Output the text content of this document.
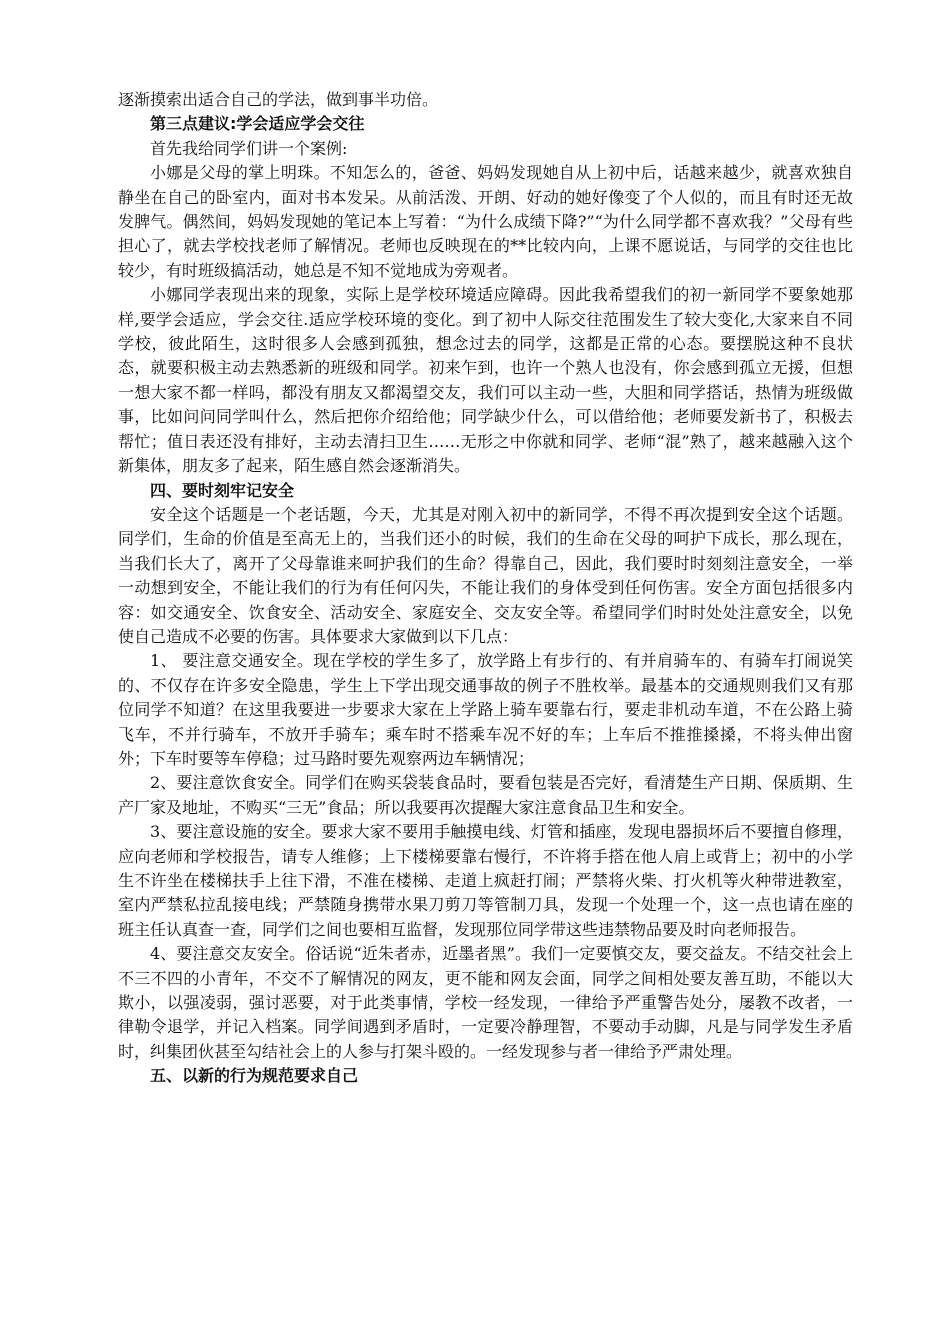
逐渐摸索出适合自己的学法，做到事半功倍。

第三点建议:学会适应学会交往

首先我给同学们讲一个案例:

小娜是父母的掌上明珠。不知怎么的，爸爸、妈妈发现她自从上初中后，话越来越少，就喜欢独自静坐在自己的卧室内，面对书本发呆。从前活泼、开朗、好动的她好像变了个人似的，而且有时还无故发脾气。偶然间，妈妈发现她的笔记本上写着：“为什么成绩下降?”“为什么同学都不喜欢我？”父母有些担心了，就去学校找老师了解情况。老师也反映现在的**比较内向，上课不愿说话，与同学的交往也比较少，有时班级搞活动，她总是不知不觉地成为旁观者。

小娜同学表现出来的现象，实际上是学校环境适应障碍。因此我希望我们的初一新同学不要象她那样,要学会适应，学会交往.适应学校环境的变化。到了初中人际交往范围发生了较大变化,大家来自不同学校，彼此陌生，这时很多人会感到孤独，想念过去的同学，这都是正常的心态。要摆脱这种不良状态，就要积极主动去熟悉新的班级和同学。初来乍到，也许一个熟人也没有，你会感到孤立无援，但想一想大家不都一样吗，都没有朋友又都渴望交友，我们可以主动一些，大胆和同学搭话，热情为班级做事，比如问问同学叫什么，然后把你介绍给他；同学缺少什么，可以借给他；老师要发新书了，积极去帮忙；值日表还没有排好，主动去清扫卫生……无形之中你就和同学、老师“混”熟了，越来越融入这个新集体，朋友多了起来，陌生感自然会逐渐消失。

四、要时刻牢记安全

安全这个话题是一个老话题，今天，尤其是对刚入初中的新同学，不得不再次提到安全这个话题。同学们，生命的价值是至高无上的，当我们还小的时候，我们的生命在父母的呵护下成长，那么现在，当我们长大了，离开了父母靠谁来呵护我们的生命？得靠自己，因此，我们要时时刻刻注意安全，一举一动想到安全，不能让我们的行为有任何闪失，不能让我们的身体受到任何伤害。安全方面包括很多内容：如交通安全、饮食安全、活动安全、家庭安全、交友安全等。希望同学们时时处处注意安全，以免使自己造成不必要的伤害。具体要求大家做到以下几点：

1、 要注意交通安全。现在学校的学生多了，放学路上有步行的、有并肩骑车的、有骑车打闹说笑的、不仅存在许多安全隐患，学生上下学出现交通事故的例子不胜枚举。最基本的交通规则我们又有那位同学不知道？在这里我要进一步要求大家在上学路上骑车要靠右行，要走非机动车道，不在公路上骑飞车，不并行骑车，不放开手骑车；乘车时不搭乘车况不好的车；上车后不推推搡搡，不将头伸出窗外；下车时要等车停稳；过马路时要先观察两边车辆情况；

2、要注意饮食安全。同学们在购买袋装食品时，要看包装是否完好，看清楚生产日期、保质期、生产厂家及地址，不购买“三无”食品；所以我要再次提醒大家注意食品卫生和安全。

3、要注意设施的安全。要求大家不要用手触摸电线、灯管和插座，发现电器损坏后不要擅自修理，应向老师和学校报告，请专人维修；上下楼梯要靠右慢行，不许将手搭在他人肩上或背上；初中的小学生不许坐在楼梯扶手上往下滑，不准在楼梯、走道上疯赶打闹；严禁将火柴、打火机等火种带进教室，室内严禁私拉乱接电线；严禁随身携带水果刀剪刀等管制刀具，发现一个处理一个，这一点也请在座的班主任认真查一查，同学们之间也要相互监督，发现那位同学带这些违禁物品要及时向老师报告。

4、要注意交友安全。俗话说“近朱者赤，近墨者黑”。我们一定要慎交友，要交益友。不结交社会上不三不四的小青年，不交不了解情况的网友，更不能和网友会面，同学之间相处要友善互助，不能以大欺小，以强凌弱，强讨恶要，对于此类事情，学校一经发现，一律给予严重警告处分，屡教不改者，一律勒令退学，并记入档案。同学间遇到矛盾时，一定要冷静理智，不要动手动脚，凡是与同学发生矛盾时，纠集团伙甚至勾结社会上的人参与打架斗殴的。一经发现参与者一律给予严肃处理。

五、以新的行为规范要求自己
